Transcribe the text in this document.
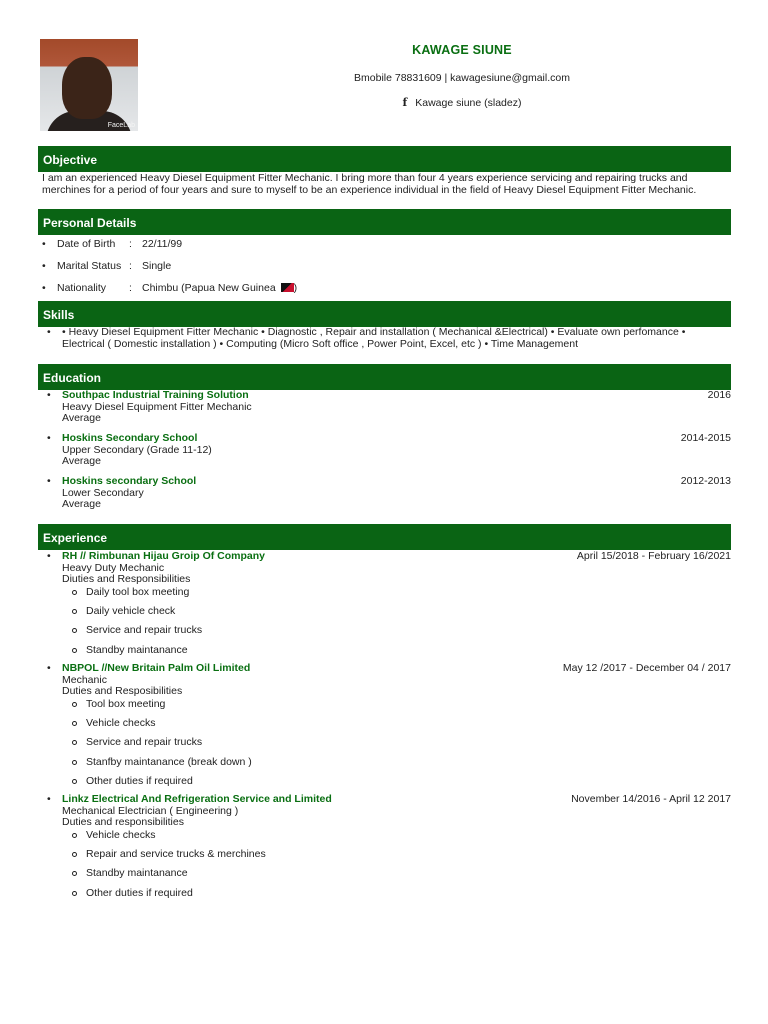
FaceLab
KAWAGE SIUNE
Bmobile 78831609 | kawagesiune@gmail.com
f Kawage siune (sladez)
Objective
I am an experienced Heavy Diesel Equipment Fitter Mechanic. I bring more than four 4 years experience servicing and repairing trucks and merchines for a period of four years and sure to myself to be an experience individual in the field of Heavy Diesel Equipment Fitter Mechanic.
Personal Details
• Date of Birth : 22/11/99
• Marital Status : Single
• Nationality : Chimbu (Papua New Guinea )
Skills
• • Heavy Diesel Equipment Fitter Mechanic • Diagnostic , Repair and installation ( Mechanical &Electrical) • Evaluate own perfomance • Electrical ( Domestic installation ) • Computing (Micro Soft office , Power Point, Excel, etc ) • Time Management
Education
•	Southpac Industrial Training Solution	2016
Heavy Diesel Equipment Fitter Mechanic
Average
•	Hoskins Secondary School	2014-2015
Upper Secondary (Grade 11-12)
Average
•	Hoskins secondary School	2012-2013
Lower Secondary
Average
Experience
•	RH // Rimbunan Hijau Groip Of Company	April 15/2018 - February 16/2021
Heavy Duty Mechanic
Diuties and Responsibilities
Daily tool box meeting
Daily vehicle check
Service and repair trucks
Standby maintanance
•	NBPOL //New Britain Palm Oil Limited	May 12 /2017 - December 04 / 2017
Mechanic
Duties and Resposibilities
Tool box meeting
Vehicle checks
Service and repair trucks
Stanfby maintanance (break down )
Other duties if required
•	Linkz Electrical And Refrigeration Service and Limited	November 14/2016 - April 12 2017
Mechanical Electrician ( Engineering )
Duties and responsibilities
Vehicle checks
Repair and service trucks & merchines
Standby maintanance
Other duties if required
